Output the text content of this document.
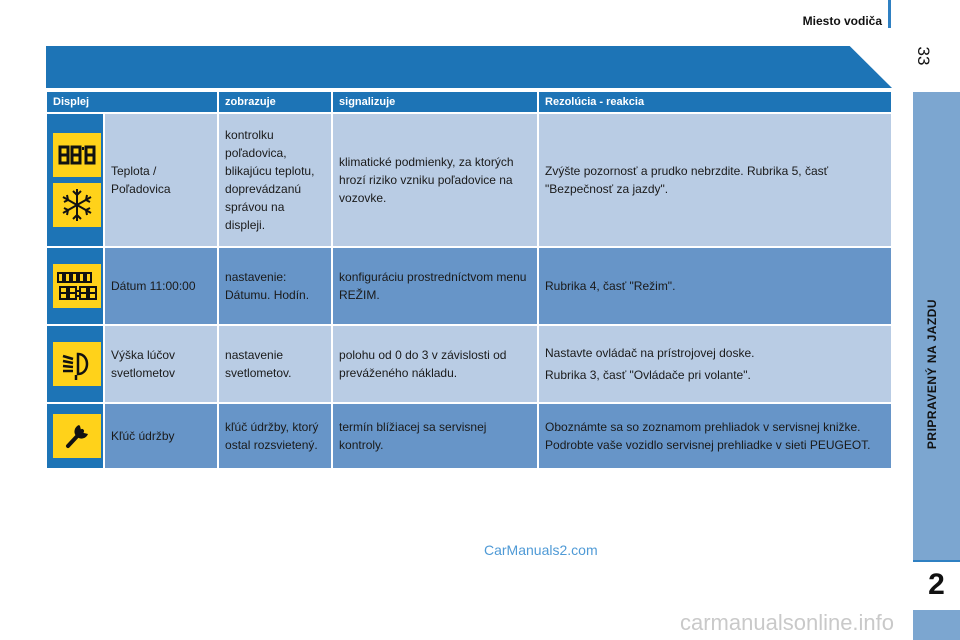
Miesto vodiča
33
PRIPRAVENÝ NA JAZDU
2
Displej		zobrazuje	signalizuje	Rezolúcia - reakcia

	Teplota / Poľadovica	kontrolku poľadovica, blikajúcu teplotu, doprevádzanú správou na displeji.	klimatické podmienky, za ktorých hrozí riziko vzniku poľadovice na vozovke.	Zvýšte pozornosť a prudko nebrzdite. Rubrika 5, časť "Bezpečnosť za jazdy".

	Dátum 11:00:00	nastavenie: Dátumu. Hodín.	konfiguráciu prostredníctvom menu REŽIM.	Rubrika 4, časť "Režim".

	Výška lúčov svetlometov	nastavenie svetlometov.	polohu od 0 do 3 v závislosti od preváženého nákladu.	Nastavte ovládač na prístrojovej doske.
Rubrika 3, časť "Ovládače pri volante".

	Kľúč údržby	kľúč údržby, ktorý ostal rozsvietený.	termín blížiacej sa servisnej kontroly.	Oboznámte sa so zoznamom prehliadok v servisnej knižke. Podrobte vaše vozidlo servisnej prehliadke v sieti PEUGEOT.
CarManuals2.com
carmanualsonline.info
